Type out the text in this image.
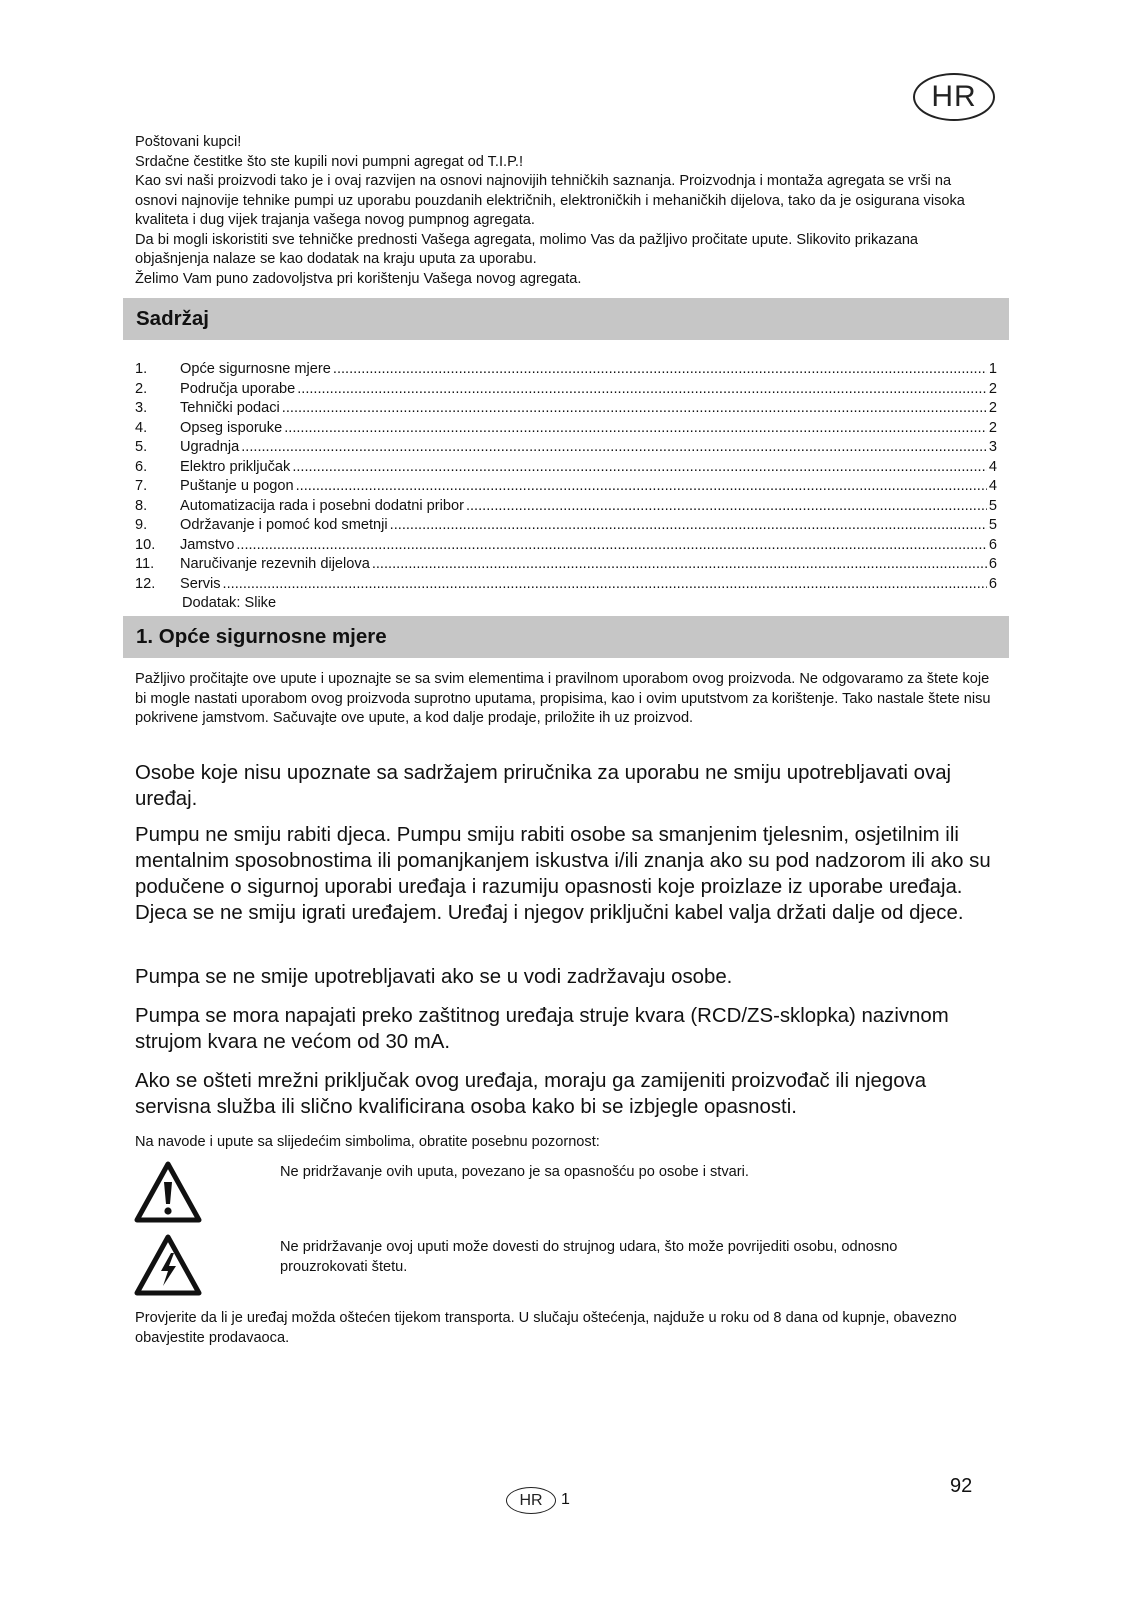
HR

Poštovani kupci!

Srdačne čestitke što ste kupili novi pumpni agregat od T.I.P.!

Kao svi naši proizvodi tako je i ovaj razvijen na osnovi najnovijih tehničkih saznanja. Proizvodnja i montaža agregata se vrši na osnovi najnovije tehnike pumpi uz uporabu pouzdanih električnih, elektroničkih i mehaničkih dijelova, tako da je osigurana visoka kvaliteta i dug vijek trajanja vašega novog pumpnog agregata.

Da bi mogli iskoristiti sve tehničke prednosti Vašega agregata, molimo Vas da pažljivo pročitate upute. Slikovito prikazana objašnjenja nalaze se kao dodatak na kraju uputa za uporabu.

Želimo Vam puno zadovoljstva pri korištenju Vašega novog agregata.

Sadržaj
1.	Opće sigurnosne mjere .....	1
2.	Područja uporabe .....	2
3.	Tehnički podaci .....	2
4.	Opseg isporuke .....	2
5.	Ugradnja .....	3
6.	Elektro priključak .....	4
7.	Puštanje u pogon .....	4
8.	Automatizacija rada i posebni dodatni pribor .....	5
9.	Održavanje i pomoć kod smetnji .....	5
10.	Jamstvo .....	6
11.	Naručivanje rezevnih dijelova .....	6
12.	Servis .....	6
Dodatak: Slike
1. Opće sigurnosne mjere

Pažljivo pročitajte ove upute i upoznajte se sa svim elementima i pravilnom uporabom ovog proizvoda. Ne odgovaramo za štete koje bi mogle nastati uporabom ovog proizvoda suprotno uputama, propisima, kao i ovim uputstvom za korištenje. Tako nastale štete nisu pokrivene jamstvom. Sačuvajte ove upute, a kod dalje prodaje, priložite ih uz proizvod.

Osobe koje nisu upoznate sa sadržajem priručnika za uporabu ne smiju upotrebljavati ovaj uređaj.

Pumpu ne smiju rabiti djeca. Pumpu smiju rabiti osobe sa smanjenim tjelesnim, osjetilnim ili mentalnim sposobnostima ili pomanjkanjem iskustva i/ili znanja ako su pod nadzorom ili ako su podučene o sigurnoj uporabi uređaja i razumiju opasnosti koje proizlaze iz uporabe uređaja. Djeca se ne smiju igrati uređajem. Uređaj i njegov priključni kabel valja držati dalje od djece.

Pumpa se ne smije upotrebljavati ako se u vodi zadržavaju osobe.

Pumpa se mora napajati preko zaštitnog uređaja struje kvara (RCD/ZS-sklopka) nazivnom strujom kvara ne većom od 30 mA.

Ako se ošteti mrežni priključak ovog uređaja, moraju ga zamijeniti proizvođač ili njegova servisna služba ili slično kvalificirana osoba kako bi se izbjegle opasnosti.

Na navode i upute sa slijedećim simbolima, obratite posebnu pozornost:

Ne pridržavanje ovih uputa, povezano je sa opasnošću po osobe i stvari.

Ne pridržavanje ovoj uputi može dovesti do strujnog udara, što može povrijediti osobu, odnosno prouzrokovati štetu.

Provjerite da li je uređaj možda oštećen tijekom transporta. U slučaju oštećenja, najduže u roku od 8 dana od kupnje, obavezno obavjestite prodavaoca.

92
HR	1
